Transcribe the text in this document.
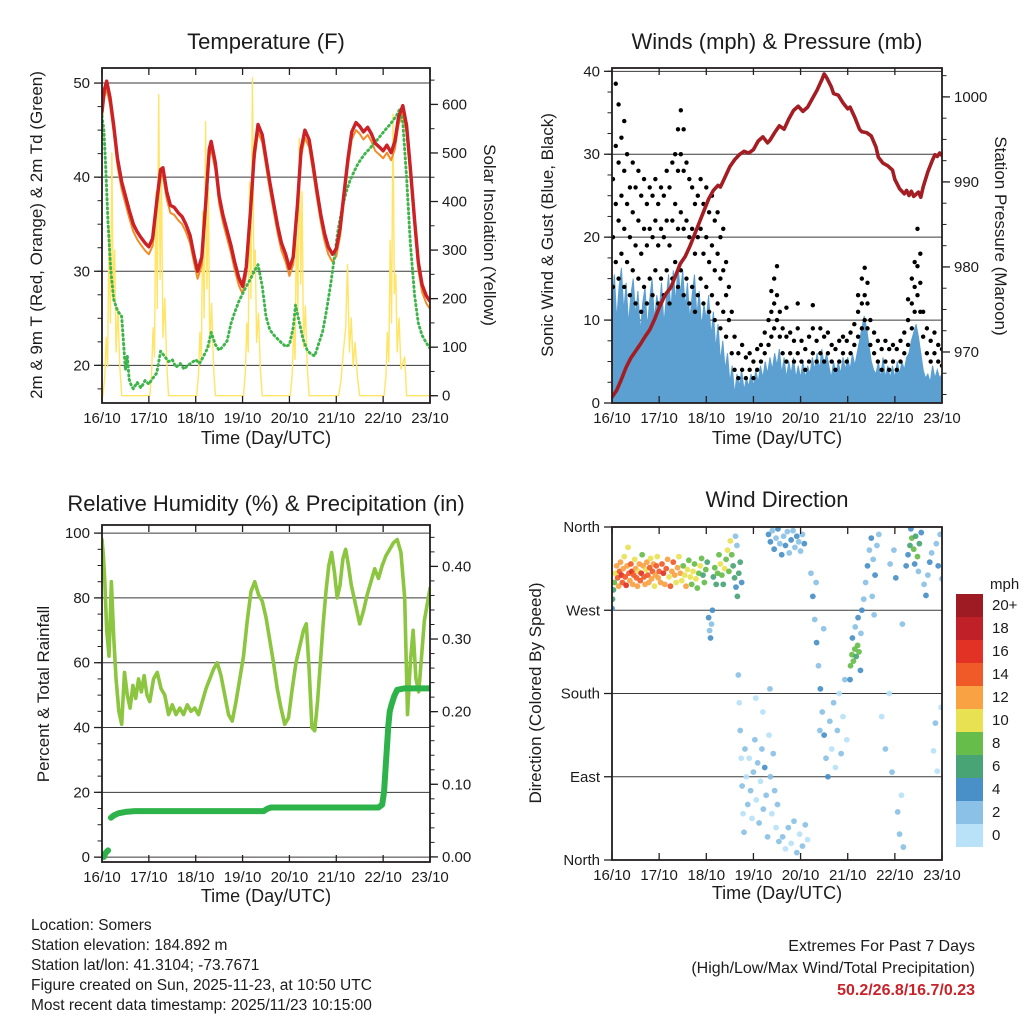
16/10 17/10 18/10 19/10 20/10 21/10 22/10 23/10
20
30
40
50
0
100
200
300
400
500
600
16/10 17/10 18/10 19/10 20/10 21/10 22/10 23/10
0
10
20
30
40
970
980
990
1000
16/10 17/10 18/10 19/10 20/10 21/10 22/10 23/10
0
20
40
60
80
100
0.00
0.10
0.20
0.30
0.40
16/10 17/10 18/10 19/10 20/10 21/10 22/10 23/10
North
West
South
East
North
Temperature (F)	Winds (mph) & Pressure (mb)
Relative Humidity (%) & Precipitation (in)	Wind Direction
Time (Day/UTC)	Time (Day/UTC)
Time (Day/UTC)	Time (Day/UTC)
2m & 9m T (Red, Orange) & 2m Td (Green)	Solar Insolation (Yellow) Sonic Wind & Gust (Blue, Black)	Station Pressure (Maroon)
Percent & Total Rainfall	Direction (Colored By Speed)	mph
20+
18
16
14
12
10
8
6
4
2
0
Location: Somers
Station elevation: 184.892 m
Station lat/lon: 41.3104; -73.7671
Figure created on Sun, 2025-11-23, at 10:50 UTC
Most recent data timestamp: 2025/11/23 10:15:00
Extremes For Past 7 Days
(High/Low/Max Wind/Total Precipitation)
50.2/26.8/16.7/0.23
